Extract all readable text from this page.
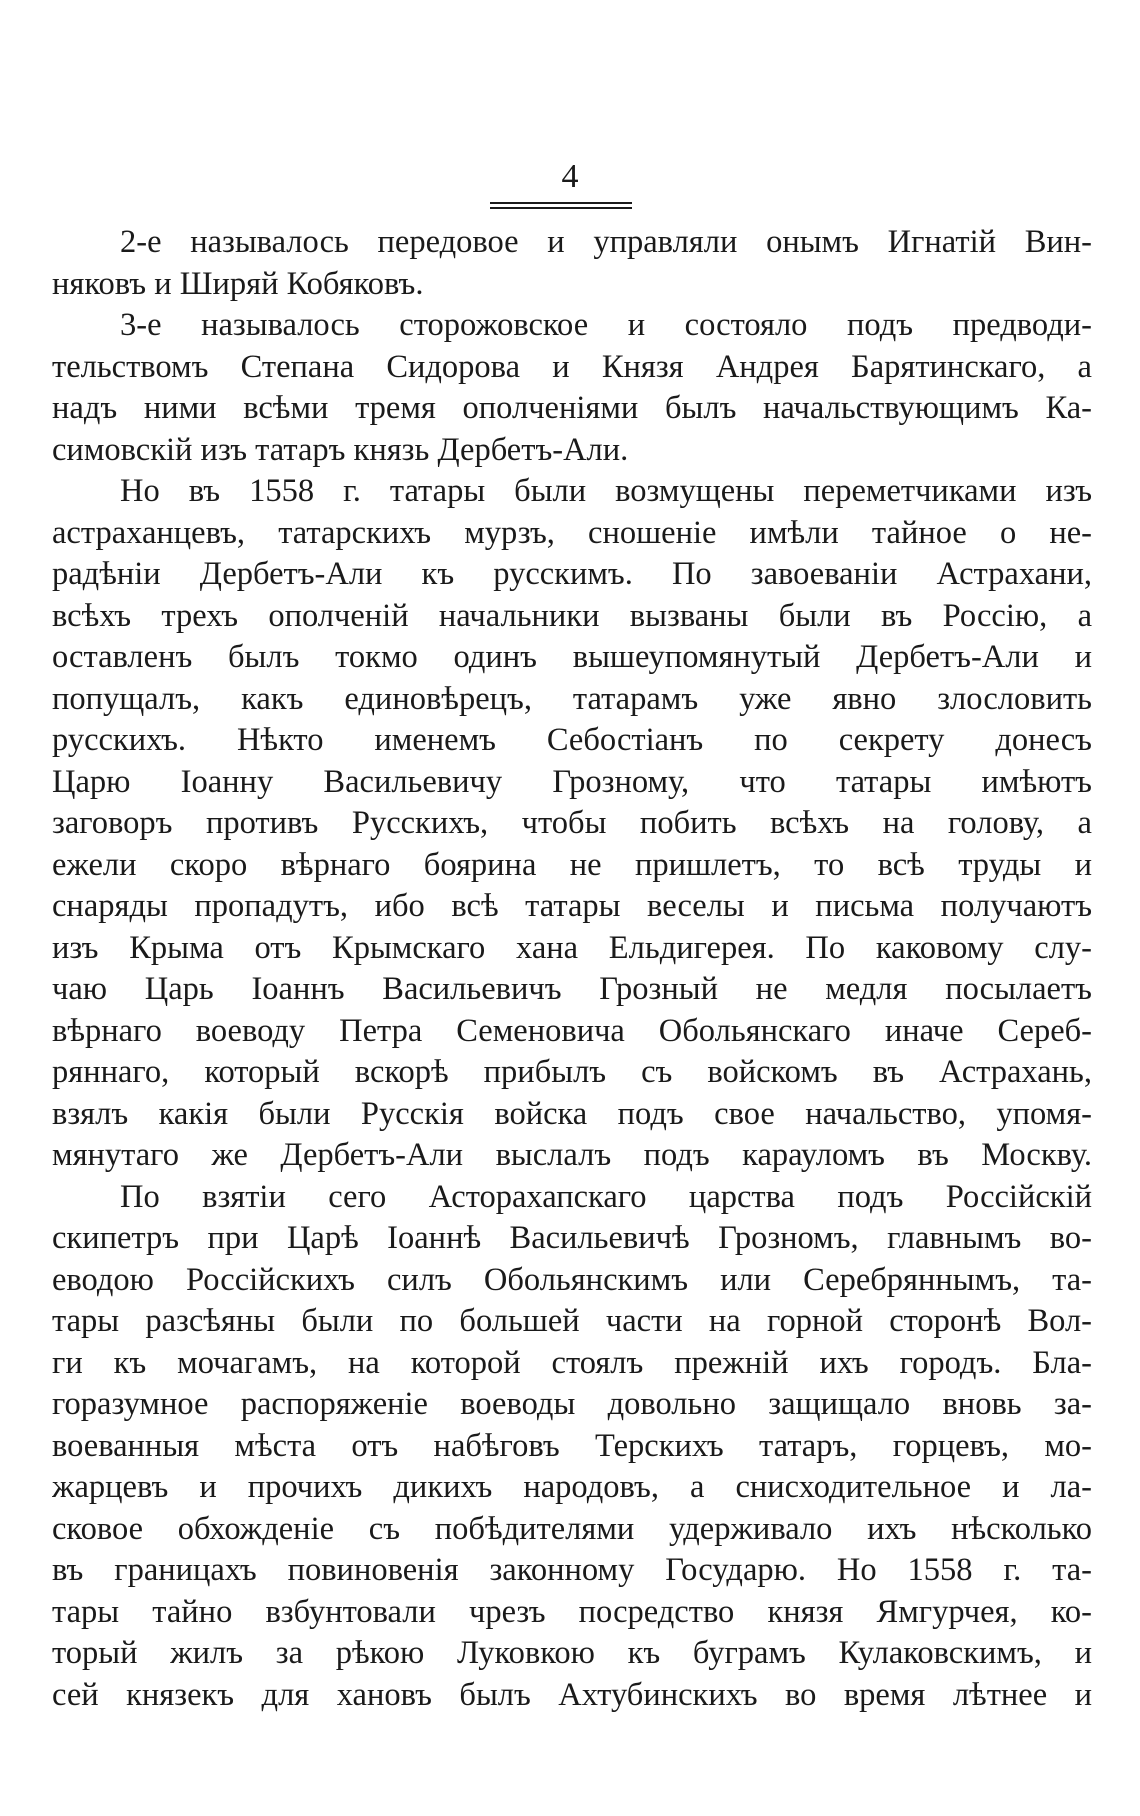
4
2-е называлось передовое и управляли онымъ Игнатій Вин-
няковъ и Ширяй Кобяковъ.
3-е называлось сторожовское и состояло подъ предводи-
тельствомъ Степана Сидорова и Князя Андрея Барятинскаго, а
надъ ними всѣми тремя ополченіями былъ начальствующимъ Ка-
симовскій изъ татаръ князь Дербетъ-Али.
Но въ 1558 г. татары были возмущены переметчиками изъ
астраханцевъ, татарскихъ мурзъ, сношеніе имѣли тайное о не-
радѣніи Дербетъ-Али къ русскимъ. По завоеваніи Астрахани,
всѣхъ трехъ ополченій начальники вызваны были въ Россію, а
оставленъ былъ токмо одинъ вышеупомянутый Дербетъ-Али и
попущалъ, какъ единовѣрецъ, татарамъ уже явно злословить
русскихъ. Нѣкто именемъ Себостіанъ по секрету донесъ
Царю Іоанну Васильевичу Грозному, что татары имѣютъ
заговоръ противъ Русскихъ, чтобы побить всѣхъ на голову, а
ежели скоро вѣрнаго боярина не пришлетъ, то всѣ труды и
снаряды пропадутъ, ибо всѣ татары веселы и письма получаютъ
изъ Крыма отъ Крымскаго хана Ельдигерея. По каковому слу-
чаю Царь Іоаннъ Васильевичъ Грозный не медля посылаетъ
вѣрнаго воеводу Петра Семеновича Обольянскаго иначе Сереб-
ряннаго, который вскорѣ прибылъ съ войскомъ въ Астрахань,
взялъ какія были Русскія войска подъ свое начальство, упомя-
мянутаго же Дербетъ-Али выслалъ подъ карауломъ въ Москву.
По взятіи сего Асторахапскаго царства подъ Россійскій
скипетръ при Царѣ Іоаннѣ Васильевичѣ Грозномъ, главнымъ во-
еводою Россійскихъ силъ Обольянскимъ или Серебряннымъ, та-
тары разсѣяны были по большей части на горной сторонѣ Вол-
ги къ мочагамъ, на которой стоялъ прежній ихъ городъ. Бла-
горазумное распоряженіе воеводы довольно защищало вновь за-
воеванныя мѣста отъ набѣговъ Терскихъ татаръ, горцевъ, мо-
жарцевъ и прочихъ дикихъ народовъ, а снисходительное и ла-
сковое обхожденіе съ побѣдителями удерживало ихъ нѣсколько
въ границахъ повиновенія законному Государю. Но 1558 г. та-
тары тайно взбунтовали чрезъ посредство князя Ямгурчея, ко-
торый жилъ за рѣкою Луковкою къ буграмъ Кулаковскимъ, и
сей князекъ для хановъ былъ Ахтубинскихъ во время лѣтнее и
